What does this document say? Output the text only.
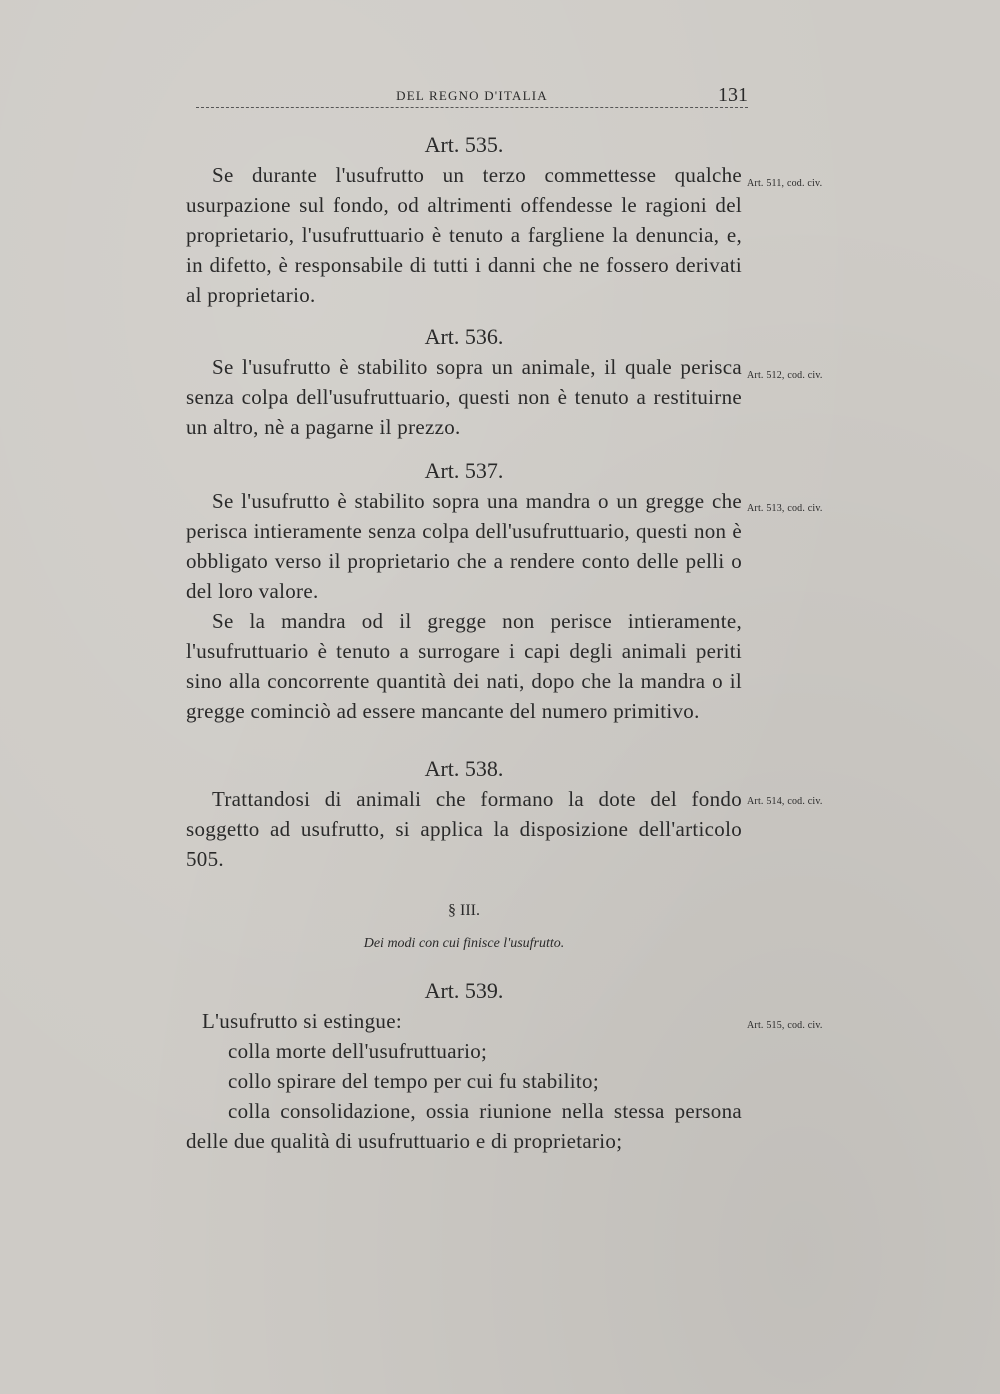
DEL REGNO D'ITALIA	131

Art. 535.

Se durante l'usufrutto un terzo commettesse qualche usurpazione sul fondo, od altrimenti offendesse le ragioni del proprietario, l'usufruttuario è tenuto a fargliene la denuncia, e, in difetto, è responsabile di tutti i danni che ne fossero derivati al proprietario.

Art. 511, cod. civ.

Art. 536.

Se l'usufrutto è stabilito sopra un animale, il quale perisca senza colpa dell'usufruttuario, questi non è tenuto a restituirne un altro, nè a pagarne il prezzo.

Art. 512, cod. civ.

Art. 537.

Se l'usufrutto è stabilito sopra una mandra o un gregge che perisca intieramente senza colpa dell'usufruttuario, questi non è obbligato verso il proprietario che a rendere conto delle pelli o del loro valore.

Se la mandra od il gregge non perisce intieramente, l'usufruttuario è tenuto a surrogare i capi degli animali periti sino alla concorrente quantità dei nati, dopo che la mandra o il gregge cominciò ad essere mancante del numero primitivo.

Art. 513, cod. civ.

Art. 538.

Trattandosi di animali che formano la dote del fondo soggetto ad usufrutto, si applica la disposizione dell'articolo 505.

Art. 514, cod. civ.
§ III.
Dei modi con cui finisce l'usufrutto.

Art. 539.

L'usufrutto si estingue:

colla morte dell'usufruttuario;

collo spirare del tempo per cui fu stabilito;

colla consolidazione, ossia riunione nella stessa persona delle due qualità di usufruttuario e di proprietario;

Art. 515, cod. civ.
